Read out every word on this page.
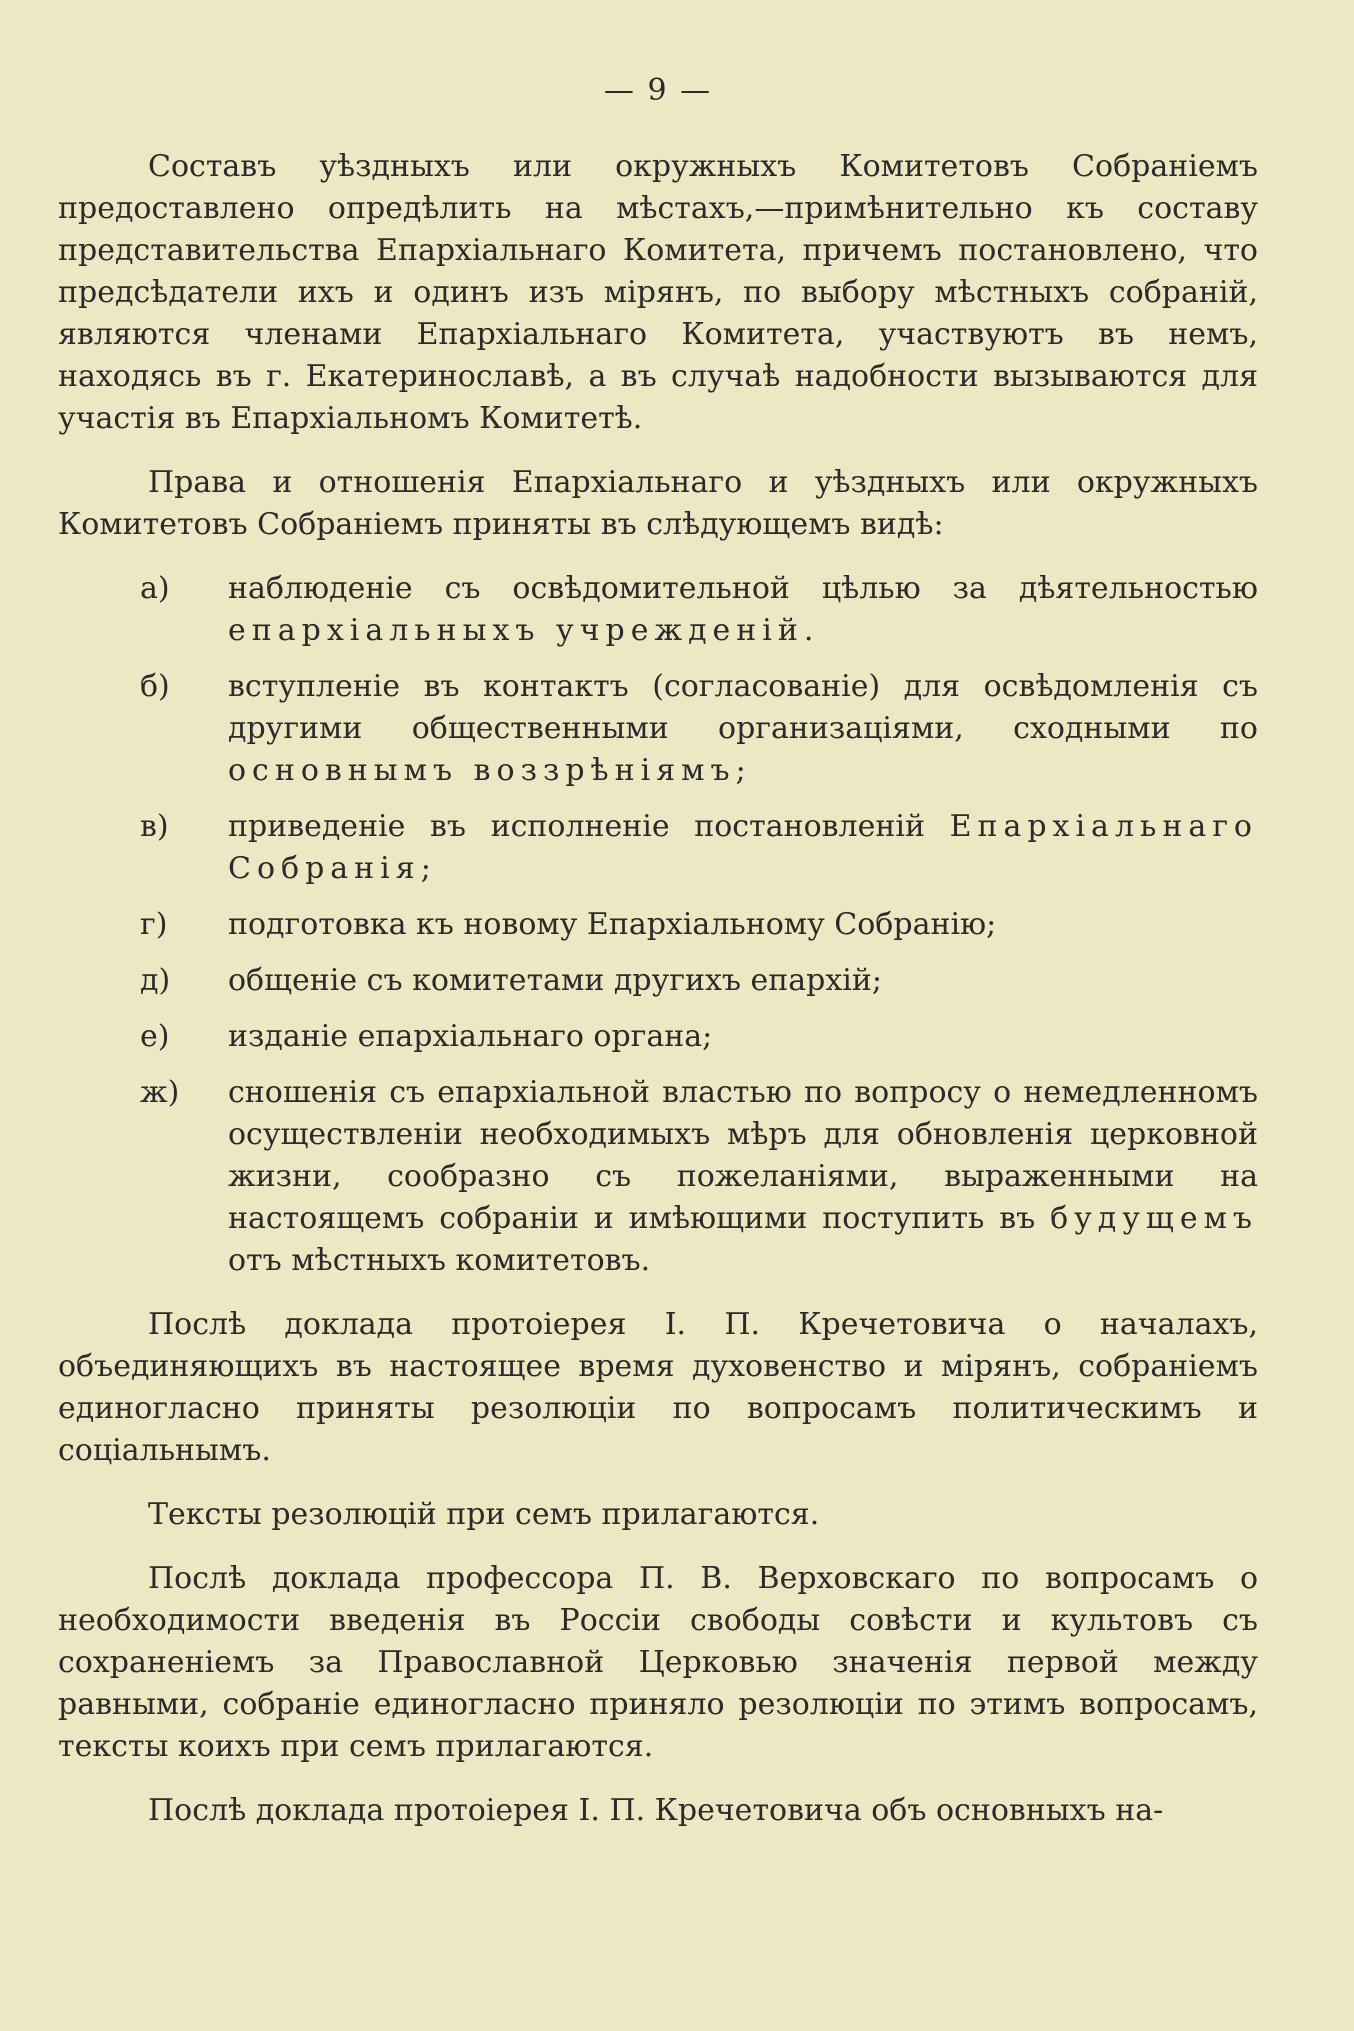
— 9 —

Составъ уѣздныхъ или окружныхъ Комитетовъ Собраніемъ предоставлено опредѣлить на мѣстахъ,—примѣнительно къ составу представительства Епархіальнаго Комитета, причемъ постановлено, что предсѣдатели ихъ и одинъ изъ мірянъ, по выбору мѣстныхъ собраній, являются членами Епархіальнаго Комитета, участвуютъ въ немъ, находясь въ г. Екатеринославѣ, а въ случаѣ надобности вызываются для участія въ Епархіальномъ Комитетѣ.

Права и отношенія Епархіальнаго и уѣздныхъ или окружныхъ Комитетовъ Собраніемъ приняты въ слѣдующемъ видѣ:

а) наблюденіе съ освѣдомительной цѣлью за дѣятельностью епархіальныхъ учрежденій.
б) вступленіе въ контактъ (согласованіе) для освѣдомленія съ другими общественными организаціями, сходными по основнымъ воззрѣніямъ;
в) приведеніе въ исполненіе постановленій Епархіальнаго Собранія;
г) подготовка къ новому Епархіальному Собранію;
д) общеніе съ комитетами другихъ епархій;
е) изданіе епархіальнаго органа;
ж) сношенія съ епархіальной властью по вопросу о немедленномъ осуществленіи необходимыхъ мѣръ для обновленія церковной жизни, сообразно съ пожеланіями, выраженными на настоящемъ собраніи и имѣющими поступить въ будущемъ отъ мѣстныхъ комитетовъ.

Послѣ доклада протоіерея І. П. Кречетовича о началахъ, объединяющихъ въ настоящее время духовенство и мірянъ, собраніемъ единогласно приняты резолюціи по вопросамъ политическимъ и соціальнымъ.

Тексты резолюцій при семъ прилагаются.

Послѣ доклада профессора П. В. Верховскаго по вопросамъ о необходимости введенія въ Россіи свободы совѣсти и культовъ съ сохраненіемъ за Православной Церковью значенія первой между равными, собраніе единогласно приняло резолюціи по этимъ вопросамъ, тексты коихъ при семъ прилагаются.

Послѣ доклада протоіерея І. П. Кречетовича объ основныхъ на-
